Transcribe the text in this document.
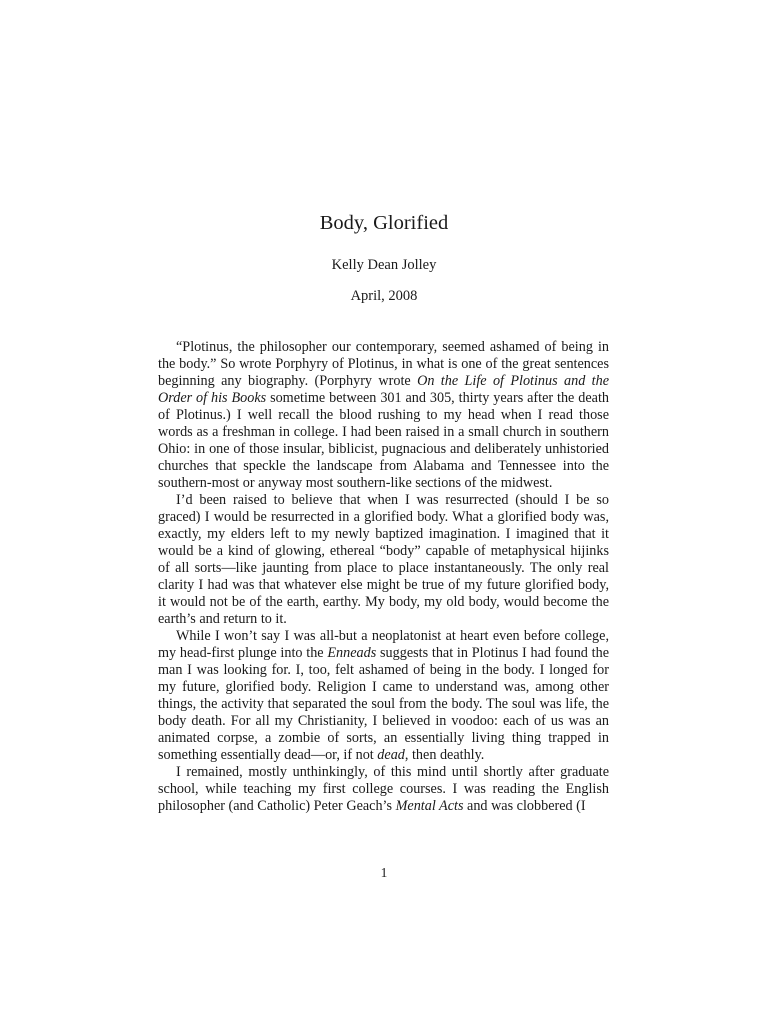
Body, Glorified
Kelly Dean Jolley
April, 2008

“Plotinus, the philosopher our contemporary, seemed ashamed of being in the body.” So wrote Porphyry of Plotinus, in what is one of the great sentences beginning any biography. (Porphyry wrote On the Life of Plotinus and the Order of his Books sometime between 301 and 305, thirty years after the death of Plotinus.) I well recall the blood rushing to my head when I read those words as a freshman in college. I had been raised in a small church in southern Ohio: in one of those insular, biblicist, pugnacious and deliberately unhistoried churches that speckle the landscape from Alabama and Tennessee into the southern-most or anyway most southern-like sections of the midwest.

I’d been raised to believe that when I was resurrected (should I be so graced) I would be resurrected in a glorified body. What a glorified body was, exactly, my elders left to my newly baptized imagination. I imagined that it would be a kind of glowing, ethereal “body” capable of metaphysical hijinks of all sorts—like jaunting from place to place instantaneously. The only real clarity I had was that whatever else might be true of my future glorified body, it would not be of the earth, earthy. My body, my old body, would become the earth’s and return to it.

While I won’t say I was all-but a neoplatonist at heart even before college, my head-first plunge into the Enneads suggests that in Plotinus I had found the man I was looking for. I, too, felt ashamed of being in the body. I longed for my future, glorified body. Religion I came to understand was, among other things, the activity that separated the soul from the body. The soul was life, the body death. For all my Christianity, I believed in voodoo: each of us was an animated corpse, a zombie of sorts, an essentially living thing trapped in something essentially dead—or, if not dead, then deathly.

I remained, mostly unthinkingly, of this mind until shortly after graduate school, while teaching my first college courses. I was reading the English philosopher (and Catholic) Peter Geach’s Mental Acts and was clobbered (I

1
